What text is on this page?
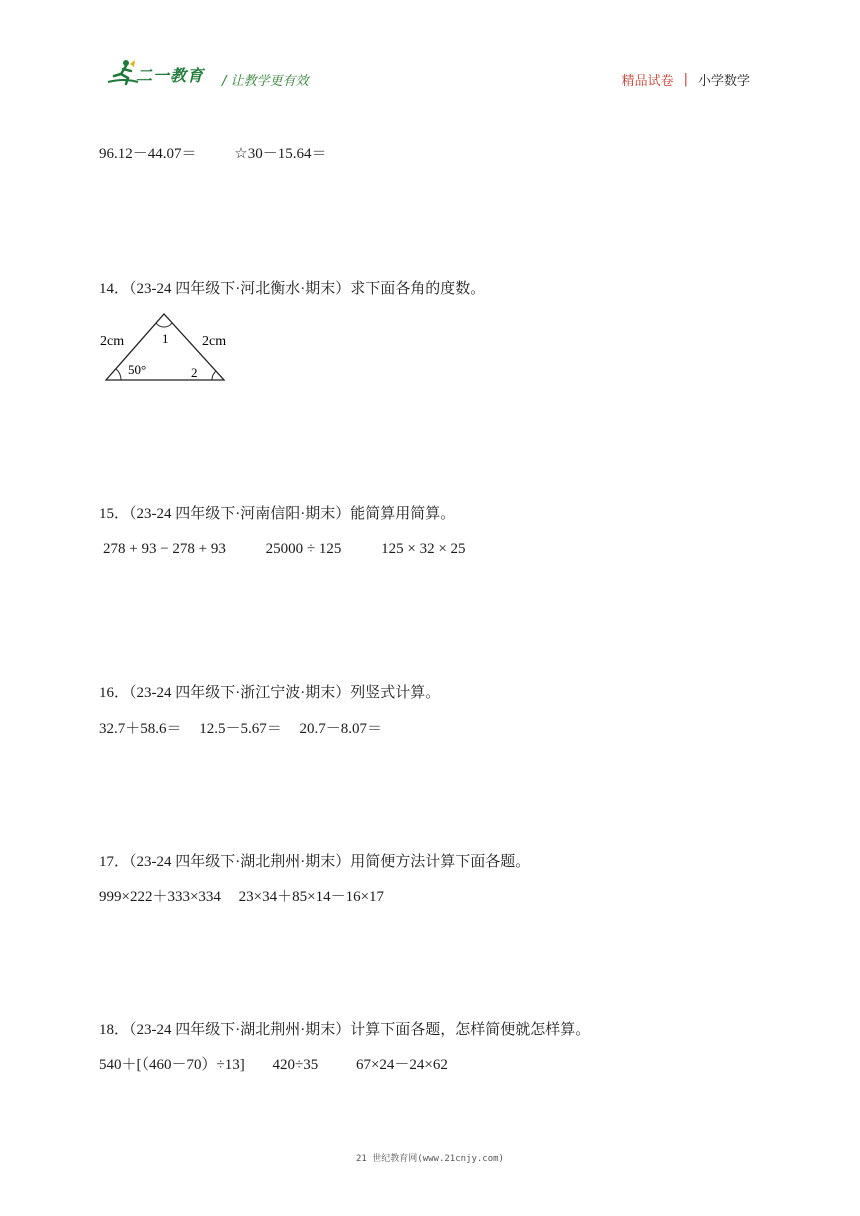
二一教育 / 让教学更有效	精品试卷 | 小学数学
96.12－44.07＝	☆30－15.64＝
14．（23-24 四年级下·河北衡水·期末）求下面各角的度数。
2cm	2cm
1
50°	2
15．（23-24 四年级下·河南信阳·期末）能简算用简算。
278 + 93 − 278 + 93	25000 ÷ 125	125 × 32 × 25
16．（23-24 四年级下·浙江宁波·期末）列竖式计算。
32.7＋58.6＝ 12.5－5.67＝ 20.7－8.07＝
17．（23-24 四年级下·湖北荆州·期末）用简便方法计算下面各题。
999×222＋333×334 23×34＋85×14－16×17
18．（23-24 四年级下·湖北荆州·期末）计算下面各题，怎样简便就怎样算。
540＋[（460－70）÷13] 420÷35	67×24－24×62
21 世纪教育网(www.21cnjy.com)
